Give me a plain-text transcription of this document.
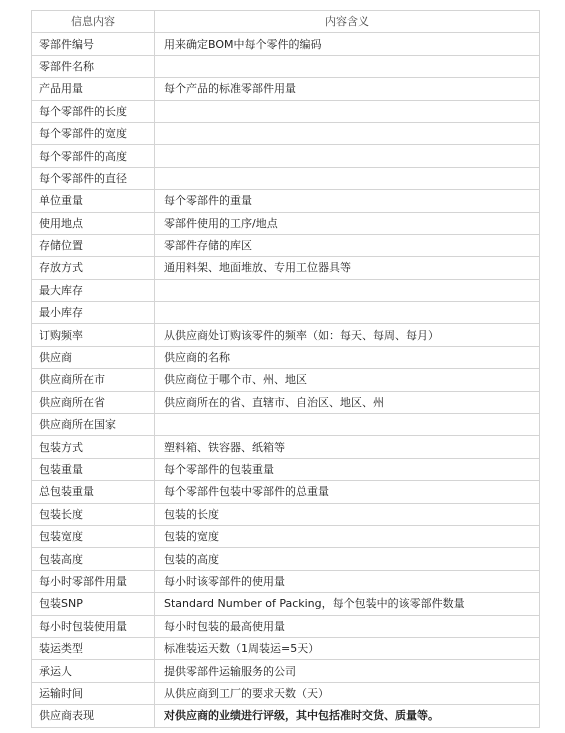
信息内容	内容含义
零部件编号	用来确定BOM中每个零件的编码
零部件名称	
产品用量	每个产品的标准零部件用量
每个零部件的长度	
每个零部件的宽度	
每个零部件的高度	
每个零部件的直径	
单位重量	每个零部件的重量
使用地点	零部件使用的工序/地点
存储位置	零部件存储的库区
存放方式	通用料架、地面堆放、专用工位器具等
最大库存	
最小库存	
订购频率	从供应商处订购该零件的频率（如：每天、每周、每月）
供应商	供应商的名称
供应商所在市	供应商位于哪个市、州、地区
供应商所在省	供应商所在的省、直辖市、自治区、地区、州
供应商所在国家	
包装方式	塑料箱、铁容器、纸箱等
包装重量	每个零部件的包装重量
总包装重量	每个零部件包装中零部件的总重量
包装长度	包装的长度
包装宽度	包装的宽度
包装高度	包装的高度
每小时零部件用量	每小时该零部件的使用量
包装SNP	Standard Number of Packing，每个包装中的该零部件数量
每小时包装使用量	每小时包装的最高使用量
装运类型	标准装运天数（1周装运=5天）
承运人	提供零部件运输服务的公司
运输时间	从供应商到工厂的要求天数（天）
供应商表现	对供应商的业绩进行评级，其中包括准时交货、质量等。
